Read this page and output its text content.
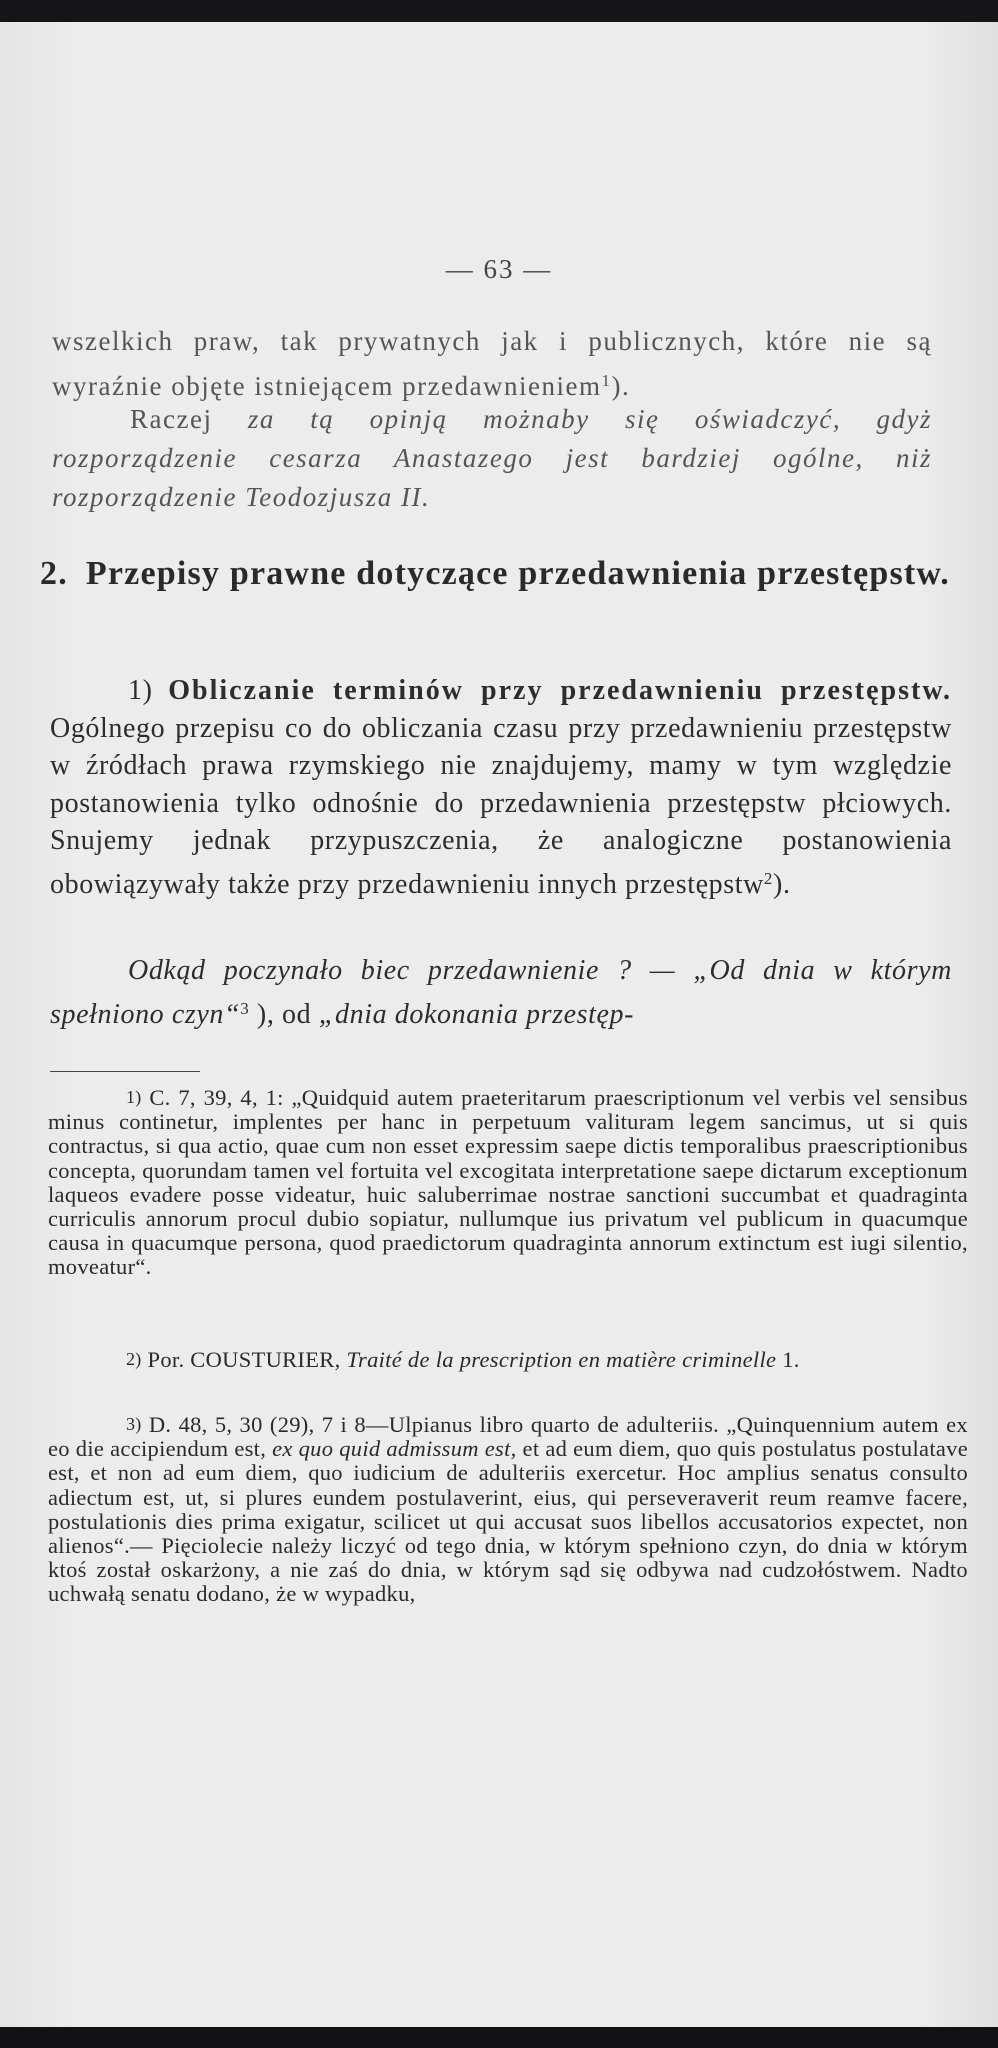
— 63 —
wszelkich praw, tak prywatnych jak i publicznych, które nie są wyraźnie objęte istniejącem przedawnieniem$^1$).
Raczej za tą opinją możnaby się oświadczyć, gdyż rozporządzenie cesarza Anastazego jest bardziej ogólne, niż rozporządzenie Teodozjusza II.
2. Przepisy prawne dotyczące przedawnienia przestępstw.
1) Obliczanie terminów przy przedawnieniu przestępstw. Ogólnego przepisu co do obliczania czasu przy przedawnieniu przestępstw w źródłach prawa rzymskiego nie znajdujemy, mamy w tym względzie postanowienia tylko odnośnie do przedawnienia przestępstw płciowych. Snujemy jednak przypuszczenia, że analogiczne postanowienia obowiązywały także przy przedawnieniu innych przestępstw$^2$).
Odkąd poczynało biec przedawnienie ? — „Od dnia w którym spełniono czyn“$^3$ ), od „dnia dokonania przestęp-
1) C. 7, 39, 4, 1: „Quidquid autem praeteritarum praescriptionum vel verbis vel sensibus minus continetur, implentes per hanc in perpetuum valituram legem sancimus, ut si quis contractus, si qua actio, quae cum non esset expressim saepe dictis temporalibus praescriptionibus concepta, quorundam tamen vel fortuita vel excogitata interpretatione saepe dictarum exceptionum laqueos evadere posse videatur, huic saluberrimae nostrae sanctioni succumbat et quadraginta curriculis annorum procul dubio sopiatur, nullumque ius privatum vel publicum in quacumque causa in quacumque persona, quod praedictorum quadraginta annorum extinctum est iugi silentio, moveatur“.
2) Por. COUSTURIER, Traité de la prescription en matière criminelle 1.
3) D. 48, 5, 30 (29), 7 i 8—Ulpianus libro quarto de adulteriis. „Quinquennium autem ex eo die accipiendum est, ex quo quid admissum est, et ad eum diem, quo quis postulatus postulatave est, et non ad eum diem, quo iudicium de adulteriis exercetur. Hoc amplius senatus consulto adiectum est, ut, si plures eundem postulaverint, eius, qui perseveraverit reum reamve facere, postulationis dies prima exigatur, scilicet ut qui accusat suos libellos accusatorios expectet, non alienos“.— Pięciolecie należy liczyć od tego dnia, w którym spełniono czyn, do dnia w którym ktoś został oskarżony, a nie zaś do dnia, w którym sąd się odbywa nad cudzołóstwem. Nadto uchwałą senatu dodano, że w wypadku,
